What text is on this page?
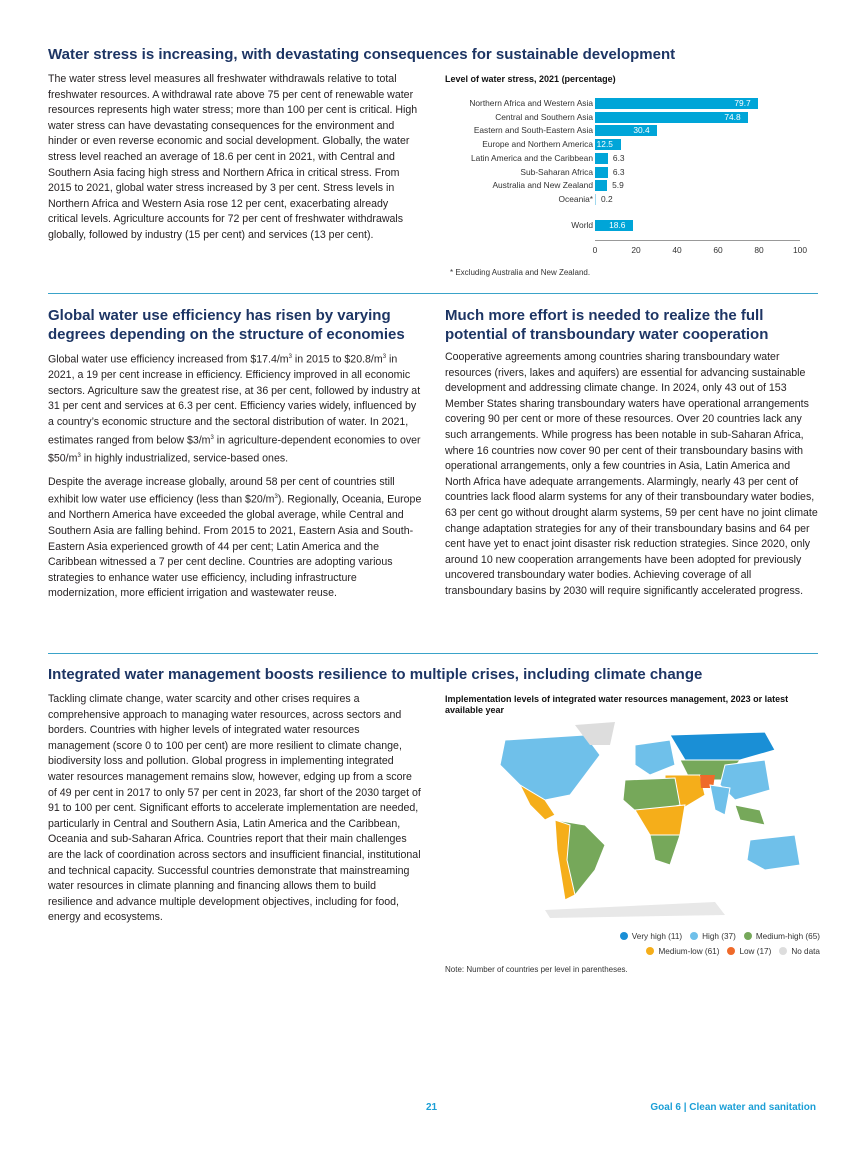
Water stress is increasing, with devastating consequences for sustainable development

The water stress level measures all freshwater withdrawals relative to total freshwater resources. A withdrawal rate above 75 per cent of renewable water resources represents high water stress; more than 100 per cent is critical. High water stress can have devastating consequences for the environment and hinder or even reverse economic and social development. Globally, the water stress level reached an average of 18.6 per cent in 2021, with Central and Southern Asia facing high stress and Northern Africa in critical stress. From 2015 to 2021, global water stress increased by 3 per cent. Stress levels in Northern Africa and Western Asia rose 12 per cent, exacerbating already critical levels. Agriculture accounts for 72 per cent of freshwater withdrawals globally, followed by industry (15 per cent) and services (13 per cent).

Level of water stress, 2021 (percentage)
Northern Africa and Western Asia	79.7
Central and Southern Asia	74.8
Eastern and South-Eastern Asia	30.4
Europe and Northern America 12.5
Latin America and the Caribbean 6.3
Sub-Saharan Africa 6.3
Australia and New Zealand 5.9
Oceania* 0.2
World 18.6
0	20	40	60	80	100
* Excluding Australia and New Zealand.
Global water use efficiency has risen by varying degrees depending on the structure of economies

Global water use efficiency increased from $\$17.4/m^3$ in 2015 to $\$20.8/m^3$ in 2021, a 19 per cent increase in efficiency. Efficiency improved in all economic sectors. Agriculture saw the greatest rise, at 36 per cent, followed by industry at 31 per cent and services at 6.3 per cent. Efficiency varies widely, influenced by a country’s economic structure and the sectoral distribution of water. In 2021, estimates ranged from below $\$3/m^3$ in agriculture-dependent economies to over $\$50/m^3$ in highly industrialized, service-based ones.

Despite the average increase globally, around 58 per cent of countries still exhibit low water use efficiency (less than $\$20/m^3$). Regionally, Oceania, Europe and Northern America have exceeded the global average, while Central and Southern Asia are falling behind. From 2015 to 2021, Eastern Asia and South-Eastern Asia experienced growth of 44 per cent; Latin America and the Caribbean witnessed a 7 per cent decline. Countries are adopting various strategies to enhance water use efficiency, including infrastructure modernization, more efficient irrigation and wastewater reuse.

Much more effort is needed to realize the full potential of transboundary water cooperation

Cooperative agreements among countries sharing transboundary water resources (rivers, lakes and aquifers) are essential for advancing sustainable development and addressing climate change. In 2024, only 43 out of 153 Member States sharing transboundary waters have operational arrangements covering 90 per cent or more of these resources. Over 20 countries lack any such arrangements. While progress has been notable in sub-Saharan Africa, where 16 countries now cover 90 per cent of their transboundary basins with operational arrangements, only a few countries in Asia, Latin America and North Africa have adequate arrangements. Alarmingly, nearly 43 per cent of countries lack flood alarm systems for any of their transboundary water bodies, 63 per cent go without drought alarm systems, 59 per cent have no joint climate change adaptation strategies for any of their transboundary basins and 64 per cent have yet to enact joint disaster risk reduction strategies. Since 2020, only around 10 new cooperation arrangements have been adopted for previously uncovered transboundary water bodies. Achieving coverage of all transboundary basins by 2030 will require significantly accelerated progress.

Integrated water management boosts resilience to multiple crises, including climate change

Tackling climate change, water scarcity and other crises requires a comprehensive approach to managing water resources, across sectors and borders. Countries with higher levels of integrated water resources management (score 0 to 100 per cent) are more resilient to climate change, biodiversity loss and pollution. Global progress in implementing integrated water resources management remains slow, however, edging up from a score of 49 per cent in 2017 to only 57 per cent in 2023, far short of the 2030 target of 91 to 100 per cent. Significant efforts to accelerate implementation are needed, particularly in Central and Southern Asia, Latin America and the Caribbean, Oceania and sub-Saharan Africa. Countries report that their main challenges are the lack of coordination across sectors and insufficient financial, institutional and technical capacity. Successful countries demonstrate that mainstreaming water resources in climate planning and financing allows them to build resilience and advance multiple development objectives, including for food, energy and ecosystems.

Implementation levels of integrated water resources management, 2023 or latest available year
Very high (11) High (37) Medium-high (65)
Medium-low (61) Low (17) No data
Note: Number of countries per level in parentheses.
21	Goal 6 | Clean water and sanitation
